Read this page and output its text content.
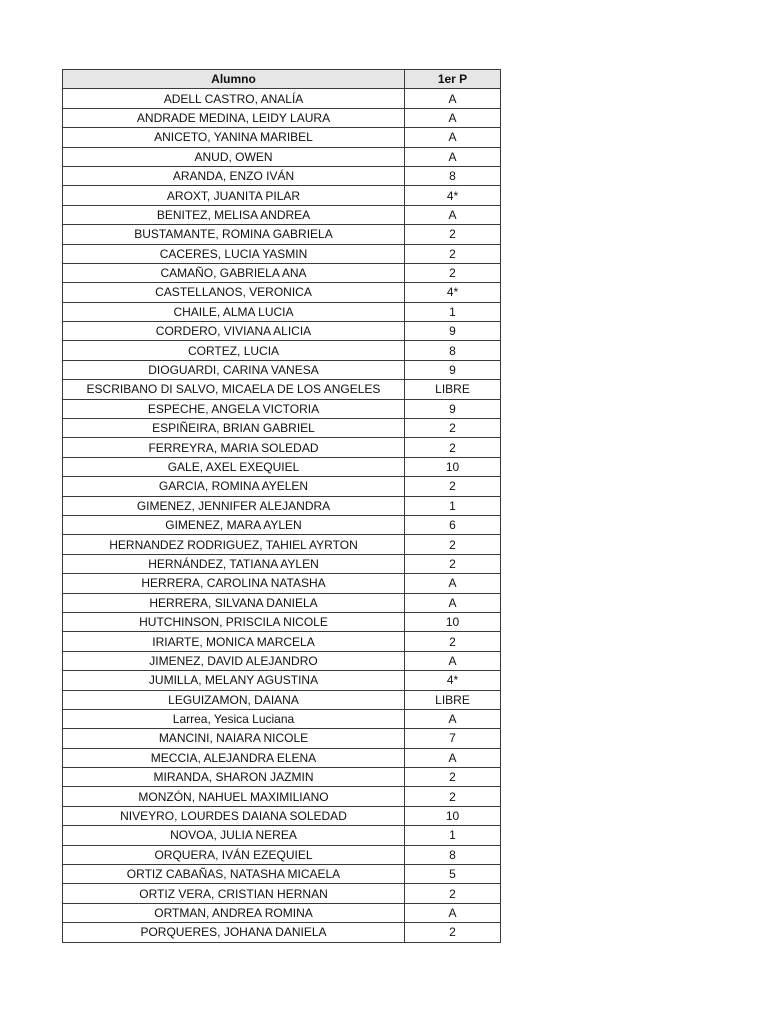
Alumno	1er P
ADELL CASTRO, ANALÍA	A
ANDRADE MEDINA, LEIDY LAURA	A
ANICETO, YANINA MARIBEL	A
ANUD, OWEN	A
ARANDA, ENZO IVÁN	8
AROXT, JUANITA PILAR	4*
BENITEZ, MELISA ANDREA	A
BUSTAMANTE, ROMINA GABRIELA	2
CACERES, LUCIA YASMIN	2
CAMAÑO, GABRIELA ANA	2
CASTELLANOS, VERONICA	4*
CHAILE, ALMA LUCIA	1
CORDERO, VIVIANA ALICIA	9
CORTEZ, LUCIA	8
DIOGUARDI, CARINA VANESA	9
ESCRIBANO DI SALVO, MICAELA DE LOS ANGELES	LIBRE
ESPECHE, ANGELA VICTORIA	9
ESPIÑEIRA, BRIAN GABRIEL	2
FERREYRA, MARIA SOLEDAD	2
GALE, AXEL EXEQUIEL	10
GARCIA, ROMINA AYELEN	2
GIMENEZ, JENNIFER ALEJANDRA	1
GIMENEZ, MARA AYLEN	6
HERNANDEZ RODRIGUEZ, TAHIEL AYRTON	2
HERNÁNDEZ, TATIANA AYLEN	2
HERRERA, CAROLINA NATASHA	A
HERRERA, SILVANA DANIELA	A
HUTCHINSON, PRISCILA NICOLE	10
IRIARTE, MONICA MARCELA	2
JIMENEZ, DAVID ALEJANDRO	A
JUMILLA, MELANY AGUSTINA	4*
LEGUIZAMON, DAIANA	LIBRE
Larrea, Yesica Luciana	A
MANCINI, NAIARA NICOLE	7
MECCIA, ALEJANDRA ELENA	A
MIRANDA, SHARON JAZMIN	2
MONZÓN, NAHUEL MAXIMILIANO	2
NIVEYRO, LOURDES DAIANA SOLEDAD	10
NOVOA, JULIA NEREA	1
ORQUERA, IVÁN EZEQUIEL	8
ORTIZ CABAÑAS, NATASHA MICAELA	5
ORTIZ VERA, CRISTIAN HERNAN	2
ORTMAN, ANDREA ROMINA	A
PORQUERES, JOHANA DANIELA	2
